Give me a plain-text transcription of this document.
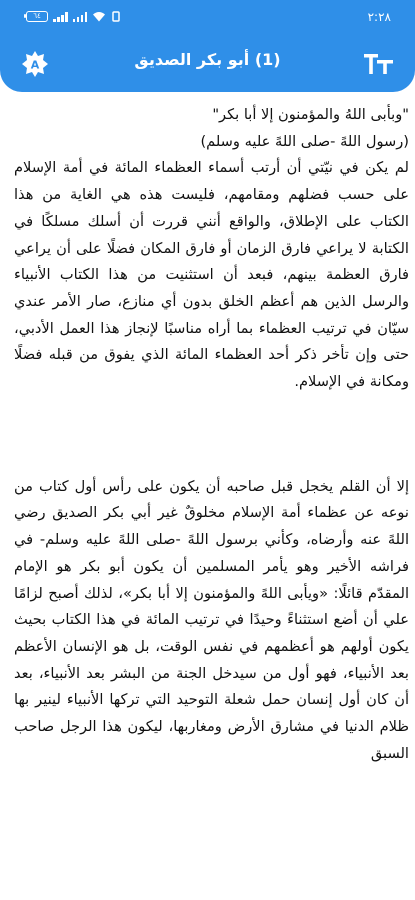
٦٤	٢:٢٨
A	(1) أبو بكر الصديق

"وبأبى اللهُ والمؤمنون إلا أبا بكر"

(رسول اللهً -صلى اللهً عليه وسلم)

لم يكن في نيّتي أن أرتب أسماء العظماء المائة في أمة الإسلام على حسب فضلهم ومقامهم، فليست هذه هي الغاية من هذا الكتاب على الإطلاق، والواقع أنني قررت أن أسلك مسلكًا في الكتابة لا يراعي فارق الزمان أو فارق المكان فضلًا على أن يراعي فارق العظمة بينهم، فبعد أن استثنيت من هذا الكتاب الأنبياء والرسل الذين هم أعظم الخلق بدون أي منازع، صار الأمر عندي سيّان في ترتيب العظماء بما أراه مناسبًا لإنجاز هذا العمل الأدبي، حتى وإن تأخر ذكر أحد العظماء المائة الذي يفوق من قبله فضلًا ومكانة في الإسلام.

إلا أن القلم يخجل قبل صاحبه أن يكون على رأس أول كتاب من نوعه عن عظماء أمة الإسلام مخلوقٌ غير أبي بكر الصديق رضي اللهً عنه وأرضاه، وكأني برسول اللهً -صلى اللهً عليه وسلم- في فراشه الأخير وهو يأمر المسلمين أن يكون أبو بكر هو الإمام المقدّم قائلًا: «ويأبى اللهً والمؤمنون إلا أبا بكر»، لذلك أصبح لزامًا علي أن أضع استثناءً وحيدًا في ترتيب المائة في هذا الكتاب بحيث يكون أولهم هو أعظمهم في نفس الوقت، بل هو الإنسان الأعظم بعد الأنبياء، فهو أول من سيدخل الجنة من البشر بعد الأنبياء، بعد أن كان أول إنسان حمل شعلة التوحيد التي تركها الأنبياء لينير بها ظلام الدنيا في مشارق الأرض ومغاربها، ليكون هذا الرجل صاحب السبق
